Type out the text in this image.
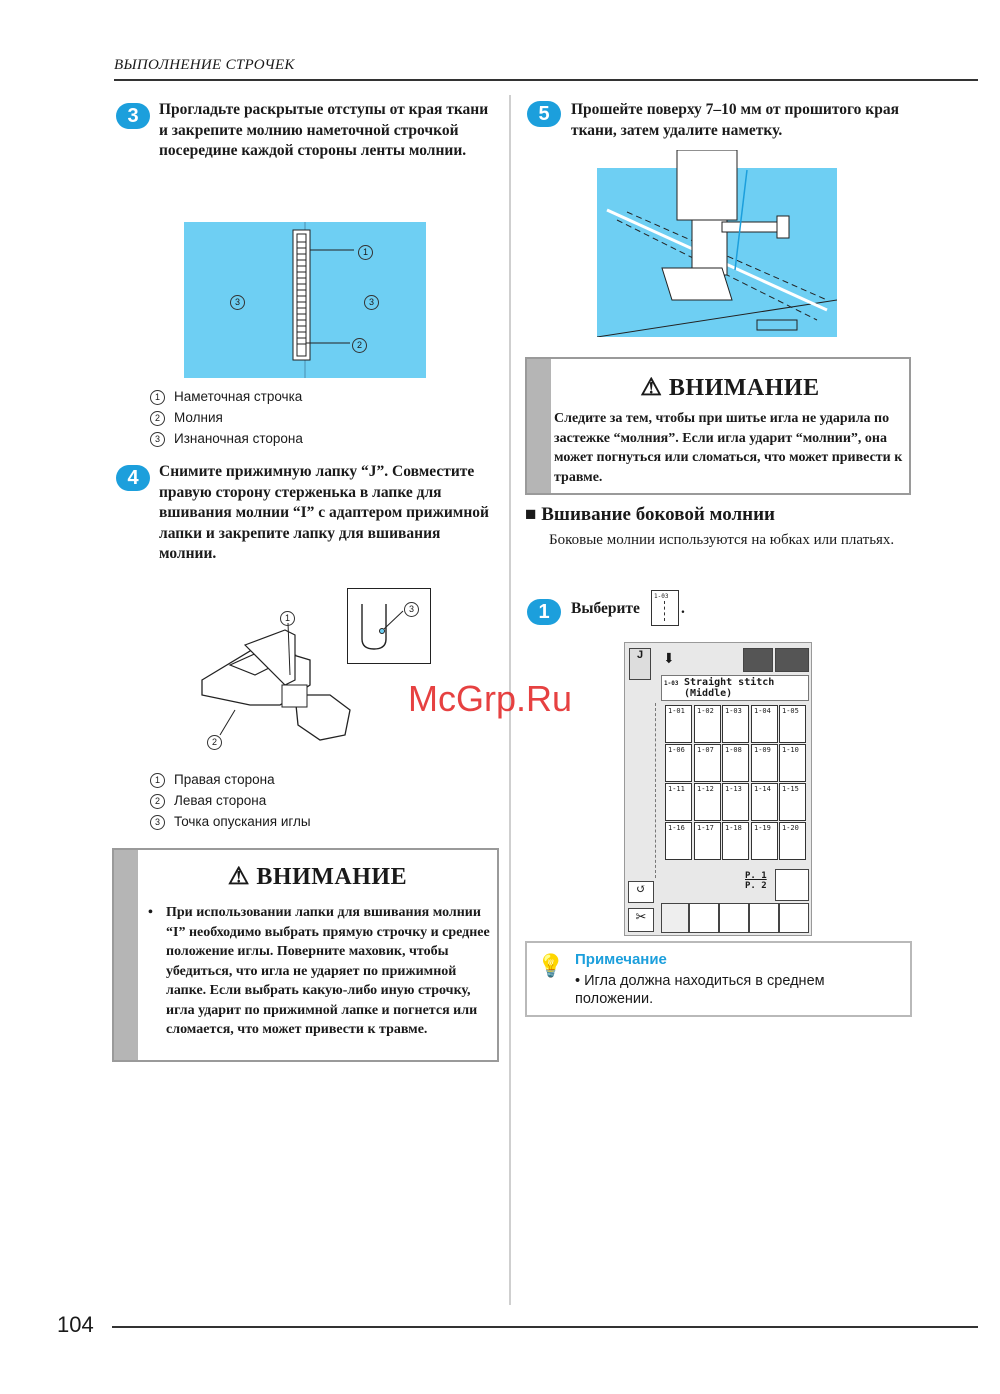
ВЫПОЛНЕНИЕ СТРОЧЕК
3	Прогладьте раскрытые отступы от края ткани и закрепите молнию наметочной строчкой посередине каждой стороны ленты молнии.
1
2
3	3
1 Наметочная строчка
2 Молния
3 Изнаночная сторона
4	Снимите прижимную лапку “J”. Совместите правую сторону стерженька в лапке для вшивания молнии “I” с адаптером прижимной лапки и закрепите лапку для вшивания молнии.
1
2
3
1 Правая сторона
2 Левая сторона
3 Точка опускания иглы
⚠ ВНИМАНИЕ
• При использовании лапки для вшивания молнии “I” необходимо выбрать прямую строчку и среднее положение иглы. Поверните маховик, чтобы убедиться, что игла не ударяет по прижимной лапке. Если выбрать какую-либо иную строчку, игла ударит по прижимной лапке и погнется или сломается, что может привести к травме.
5	Прошейте поверху 7–10 мм от прошитого края ткани, затем удалите наметку.
⚠ ВНИМАНИЕ
Следите за тем, чтобы при шитье игла не ударила по застежке “молния”. Если игла ударит “молнии”, она может погнуться или сломаться, что может привести к травме.
■ Вшивание боковой молнии
Боковые молнии используются на юбках или платьях.
1	Выберите
1-03
.
J	⬇
1-03 Straight stitch
(Middle)
1-01 1-02 1-03 1-04 1-05
1-06 1-07 1-08 1-09 1-10
1-11 1-12 1-13 1-14 1-15
1-16 1-17 1-18 1-19 1-20
P. 1
P. 2
↺
✂
💡 Примечание
• Игла должна находиться в среднем положении.
McGrp.Ru
104
